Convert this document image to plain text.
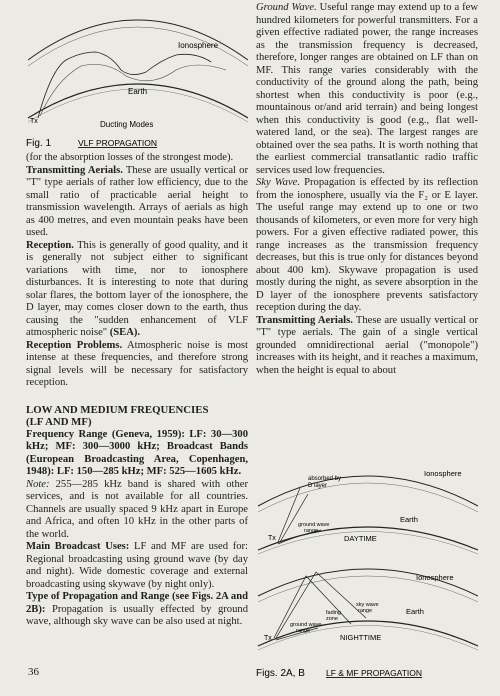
Ionosphere
Earth
Tx	Ducting Modes
Fig. 1	VLF PROPAGATION

(for the absorption losses of the strongest mode).

Transmitting Aerials. These are usually vertical or "T" type aerials of rather low efficiency, due to the small ratio of practicable aerial height to transmission wavelength. Arrays of aerials as high as 400 metres, and even mountain peaks have been used.

Reception. This is generally of good quality, and it is generally not subject either to significant variations with time, nor to ionosphere disturbances. It is interesting to note that during solar flares, the bottom layer of the ionosphere, the D layer, may comes closer down to the earth, thus causing the "sudden enhancement of VLF atmospheric noise" (SEA).

Reception Problems. Atmospheric noise is most intense at these frequencies, and therefore strong signal levels will be necessary for satisfactory reception.

LOW AND MEDIUM FREQUENCIES
(LF AND MF)

Frequency Range (Geneva, 1959): LF: 30—300 kHz; MF: 300—3000 kHz; Broadcast Bands (European Broadcasting Area, Copenhagen, 1948): LF: 150—285 kHz; MF: 525—1605 kHz.

Note: 255—285 kHz band is shared with other services, and is not available for all countries. Channels are usually spaced 9 kHz apart in Europe and Africa, and often 10 kHz in the other parts of the world.

Main Broadcast Uses: LF and MF are used for: Regional broadcasting using ground wave (by day and night). Wide domestic coverage and external broadcasting using skywave (by night only).

Type of Propagation and Range (see Figs. 2A and 2B): Propagation is usually effected by ground wave, although sky wave can be also used at night.

Ground Wave. Useful range may extend up to a few hundred kilometers for powerful transmitters. For a given effective radiated power, the range increases as the transmission frequency is decreased, therefore, longer ranges are obtained on LF than on MF. This range varies considerably with the conductivity of the ground along the path, being shortest when this conductivity is poor (e.g., mountainous or/and arid terrain) and being longest when this conductivity is good (e.g., flat well-watered land, or the sea). The largest ranges are obtained over the sea paths. It is worth nothing that the earliest commercial transatlantic radio traffic services used low frequencies.

Sky Wave. Propagation is effected by its reflection from the ionosphere, usually via the F₂ or E layer. The useful range may extend up to one or two thousands of kilometers, or even more for very high powers. For a given effective radiated power, this range increases as the transmission frequency decreases, but this is true only for distances beyond about 400 km). Skywave propagation is used mostly during the night, as severe absorption in the D layer of the ionosphere prevents satisfactory reception during the day.

Transmitting Aerials. These are usually vertical or "T" type aerials. The gain of a single vertical grounded omnidirectional aerial ("monopole") increases with its height, and it reaches a maximum, when the height is equal to about

Ionosphere
absorbed by
D layer
Earth
Tx
ground wave
range
DAYTIME
Ionosphere
Earth
Tx
sky wave
range
fading
zone
ground wave
range
NIGHTTIME
Figs. 2A, B LF & MF PROPAGATION
36
